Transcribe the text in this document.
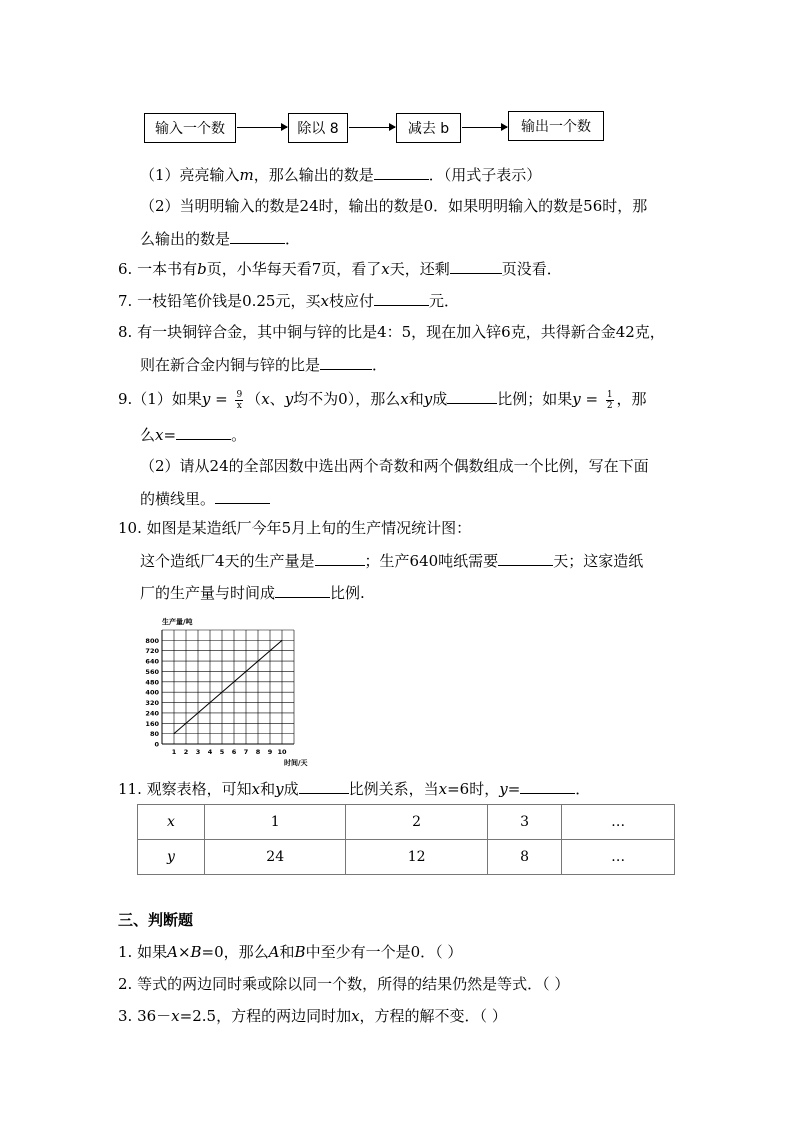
输入一个数	除以 8	减去 b	输出一个数
（1）亮亮输入m，那么输出的数是	．（用式子表示）
（2）当明明输入的数是24时，输出的数是0．如果明明输入的数是56时，那
么输出的数是	．
6. 一本书有b页，小华每天看7页，看了x天，还剩	页没看．
7. 一枝铅笔价钱是0.25元，买x枝应付	元．
8. 有一块铜锌合金，其中铜与锌的比是4：5，现在加入锌6克，共得新合金42克，
则在新合金内铜与锌的比是	．
9.（1）如果$y = \frac{9}{x} (x$、y均不为0），那么x和y成	比例；如果$y = \frac{1}{2}$ ，那
么x=	。
（2）请从24的全部因数中选出两个奇数和两个偶数组成一个比例，写在下面
的横线里。
10. 如图是某造纸厂今年5月上旬的生产情况统计图：
这个造纸厂4天的生产量是	；生产640吨纸需要	天；这家造纸
厂的生产量与时间成	比例.
生产量/吨
时间/天
1 2 3 4 5 6 7 8 9 10
0
80
160
240
320
400
480
560
640
720
800
11. 观察表格，可知x和y成	比例关系，当x=6时，y=	．
x	1	2	3	…
y	24	12	8	…
三、判断题
1. 如果A×B=0，那么A和B中至少有一个是0．（ ）
2. 等式的两边同时乘或除以同一个数，所得的结果仍然是等式．（ ）
3. 36－x=2.5，方程的两边同时加x，方程的解不变．（ ）
